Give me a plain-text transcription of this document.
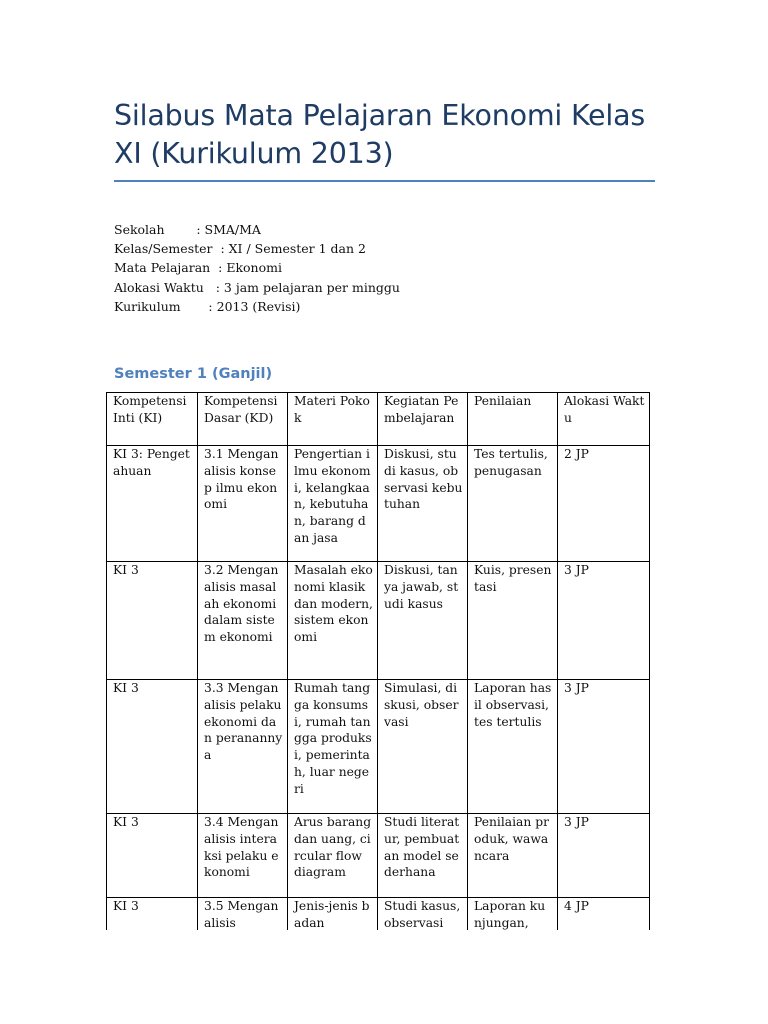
Silabus Mata Pelajaran Ekonomi Kelas XI (Kurikulum 2013)
Sekolah        : SMA/MA
Kelas/Semester  : XI / Semester 1 dan 2
Mata Pelajaran  : Ekonomi
Alokasi Waktu   : 3 jam pelajaran per minggu
Kurikulum       : 2013 (Revisi)
Semester 1 (Ganjil)
Kompetensi Inti (KI)	Kompetensi Dasar (KD)	Materi Pokok	Kegiatan Pembelajaran	Penilaian	Alokasi Waktu
KI 3: Pengetahuan	3.1 Menganalisis konsep ilmu ekonomi	Pengertian ilmu ekonomi, kelangkaan, kebutuhan, barang dan jasa	Diskusi, studi kasus, observasi kebutuhan	Tes tertulis, penugasan	2 JP
KI 3	3.2 Menganalisis masalah ekonomi dalam sistem ekonomi	Masalah ekonomi klasik dan modern, sistem ekonomi	Diskusi, tanya jawab, studi kasus	Kuis, presentasi	3 JP
KI 3	3.3 Menganalisis pelaku ekonomi dan peranannya	Rumah tangga konsumsi, rumah tangga produksi, pemerintah, luar negeri	Simulasi, diskusi, observasi	Laporan hasil observasi, tes tertulis	3 JP
KI 3	3.4 Menganalisis interaksi pelaku ekonomi	Arus barang dan uang, circular flow diagram	Studi literatur, pembuatan model sederhana	Penilaian produk, wawancara	3 JP
KI 3	3.5 Menganalisis	Jenis-jenis badan	Studi kasus, observasi	Laporan kunjungan,	4 JP
